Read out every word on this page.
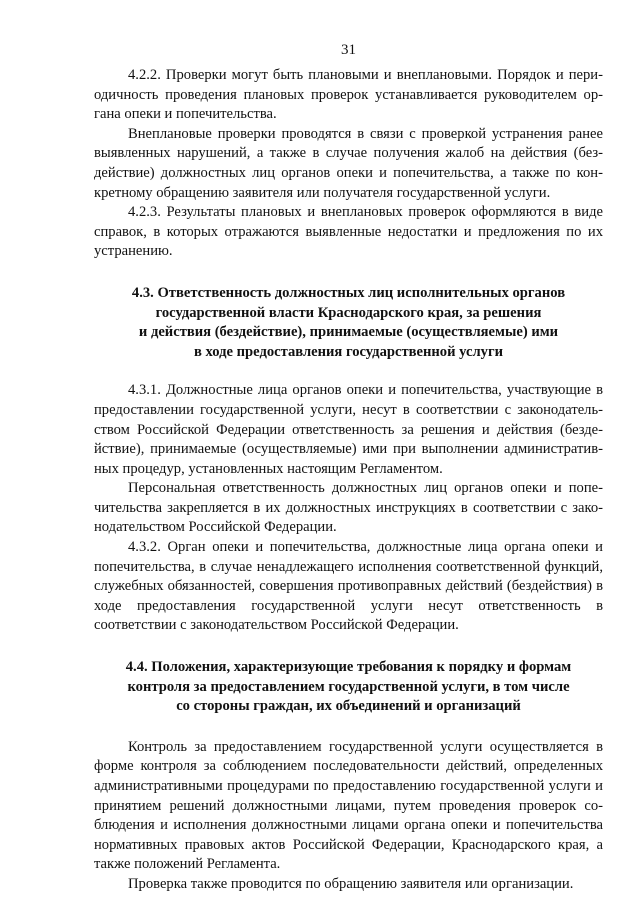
31

4.2.2. Проверки могут быть плановыми и внеплановыми. Порядок и периодичность проведения плановых проверок устанавливается руководителем органа опеки и попечительства.

Внеплановые проверки проводятся в связи с проверкой устранения ранее выявленных нарушений, а также в случае получения жалоб на действия (бездействие) должностных лиц органов опеки и попечительства, а также по конкретному обращению заявителя или получателя государственной услуги.

4.2.3. Результаты плановых и внеплановых проверок оформляются в виде справок, в которых отражаются выявленные недостатки и предложения по их устранению.

4.3. Ответственность должностных лиц исполнительных органов
государственной власти Краснодарского края, за решения
и действия (бездействие), принимаемые (осуществляемые) ими
в ходе предоставления государственной услуги

4.3.1. Должностные лица органов опеки и попечительства, участвующие в предоставлении государственной услуги, несут в соответствии с законодательством Российской Федерации ответственность за решения и действия (бездействие), принимаемые (осуществляемые) ими при выполнении административных процедур, установленных настоящим Регламентом.

Персональная ответственность должностных лиц органов опеки и попечительства закрепляется в их должностных инструкциях в соответствии с законодательством Российской Федерации.

4.3.2. Орган опеки и попечительства, должностные лица органа опеки и попечительства, в случае ненадлежащего исполнения соответственной функций, служебных обязанностей, совершения противоправных действий (бездействия) в ходе предоставления государственной услуги несут ответственность в соответствии с законодательством Российской Федерации.

4.4. Положения, характеризующие требования к порядку и формам
контроля за предоставлением государственной услуги, в том числе
со стороны граждан, их объединений и организаций

Контроль за предоставлением государственной услуги осуществляется в форме контроля за соблюдением последовательности действий, определенных административными процедурами по предоставлению государственной услуги и принятием решений должностными лицами, путем проведения проверок соблюдения и исполнения должностными лицами органа опеки и попечительства нормативных правовых актов Российской Федерации, Краснодарского края, а также положений Регламента.

Проверка также проводится по обращению заявителя или организации.
